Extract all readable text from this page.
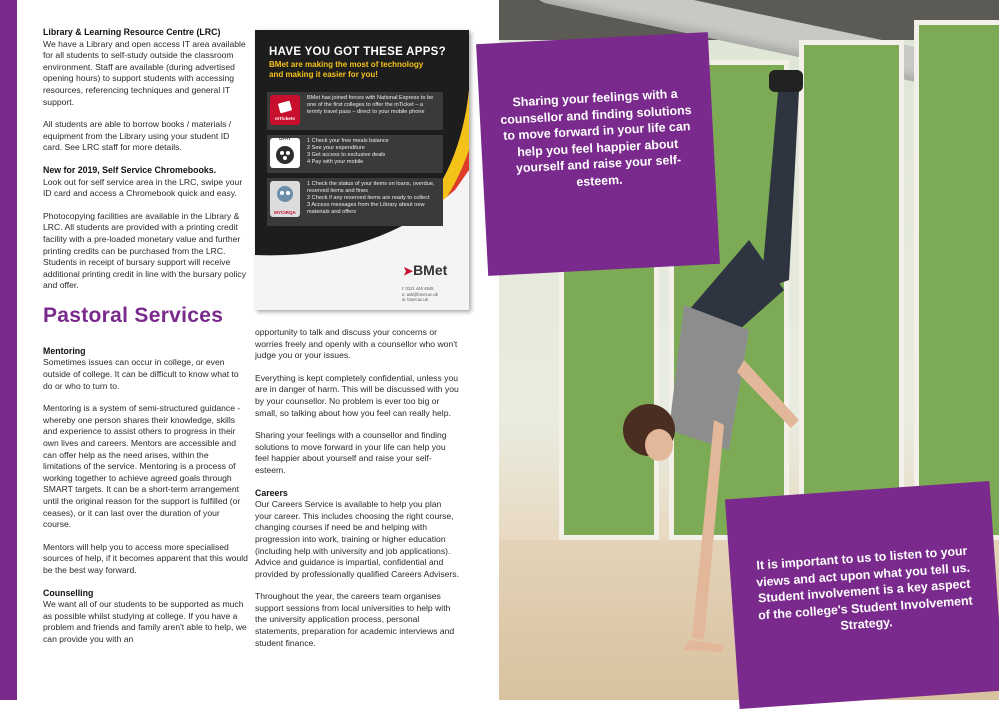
Library & Learning Resource Centre (LRC)

We have a Library and open access IT area available for all students to self-study outside the classroom environment. Staff are available (during advertised opening hours) to support students with accessing resources, referencing techniques and general IT support.

All students are able to borrow books / materials / equipment from the Library using your student ID card. See LRC staff for more details.

New for 2019, Self Service Chromebooks.

Look out for self service area in the LRC, swipe your ID card and access a Chromebook quick and easy.

Photocopying facilities are available in the Library & LRC. All students are provided with a printing credit facility with a pre-loaded monetary value and further printing credits can be purchased from the LRC. Students in receipt of bursary support will receive additional printing credit in line with the bursary policy and offer.

Pastoral Services
Mentoring

Sometimes issues can occur in college, or even outside of college. It can be difficult to know what to do or who to turn to.

Mentoring is a system of semi-structured guidance - whereby one person shares their knowledge, skills and experience to assist others to progress in their own lives and careers. Mentors are accessible and can offer help as the need arises, within the limitations of the service. Mentoring is a process of working together to achieve agreed goals through SMART targets. It can be a short-term arrangement until the original reason for the support is fulfilled (or ceases), or it can last over the duration of your course.

Mentors will help you to access more specialised sources of help, if it becomes apparent that this would be the best way forward.

Counselling

We want all of our students to be supported as much as possible whilst studying at college. If you have a problem and friends and family aren't able to help, we can provide you with an

HAVE YOU GOT THESE APPS?
BMet are making the most of technology and making it easier for you!
mTickets
BMet has joined forces with National Express to be one of the first colleges to offer the mTicket – a termly travel pass – direct to your mobile phone
UPAY	1 Check your free meals balance
2 See your expenditure
3 Get access to exclusive deals
4 Pay with your mobile
MYCIRQA
1 Check the status of your items on loans, overdue, reserved items and fines
2 Check if any reserved items are ready to collect
3 Access messages from the Library about new materials and offers
➤BMet
t: 0121 446 4545
e: ask@bmet.ac.uk
w: bmet.ac.uk

opportunity to talk and discuss your concerns or worries freely and openly with a counsellor who won't judge you or your issues.

Everything is kept completely confidential, unless you are in danger of harm. This will be discussed with you by your counsellor. No problem is ever too big or small, so talking about how you feel can really help.

Sharing your feelings with a counsellor and finding solutions to move forward in your life can help you feel happier about yourself and raise your self-esteem.

Careers

Our Careers Service is available to help you plan your career. This includes choosing the right course, changing courses if need be and helping with progression into work, training or higher education (including help with university and job applications). Advice and guidance is impartial, confidential and provided by professionally qualified Careers Advisers.

Throughout the year, the careers team organises support sessions from local universities to help with the university application process, personal statements, preparation for academic interviews and student finance.

Sharing your feelings with a counsellor and finding solutions to move forward in your life can help you feel happier about yourself and raise your self-esteem.
It is important to us to listen to your views and act upon what you tell us. Student involvement is a key aspect of the college's Student Involvement Strategy.
